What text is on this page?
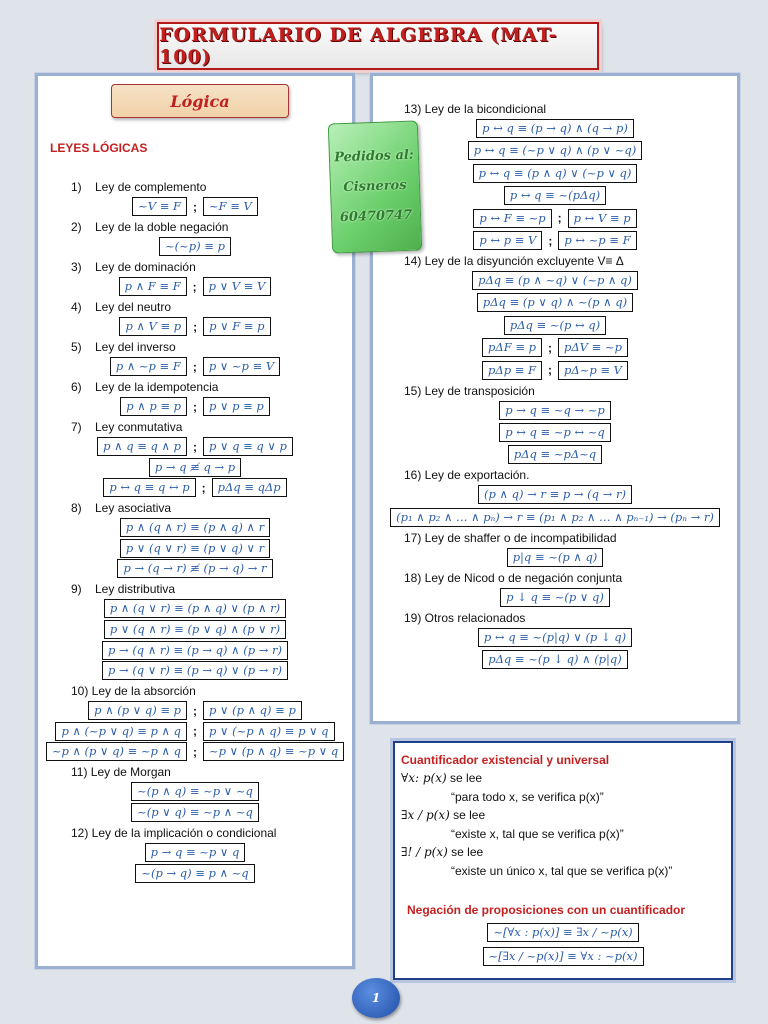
FORMULARIO DE ALGEBRA (MAT-100)
LEYES LÓGICAS
1)    Ley de complemento
~V ≡ F	;	~F ≡ V
2)    Ley de la doble negación
~(~p) ≡ p
3)    Ley de dominación
p ∧ F ≡ F	;	p ∨ V ≡ V
4)    Ley del neutro
p ∧ V ≡ p	;	p ∨ F ≡ p
5)    Ley del inverso
p ∧ ~p ≡ F	;	p ∨ ~p ≡ V
6)    Ley de la idempotencia
p ∧ p ≡ p	;	p ∨ p ≡ p
7)    Ley conmutativa
p ∧ q ≡ q ∧ p	;	p ∨ q ≡ q ∨ p
p → q ≢ q → p
p ↔ q ≡ q ↔ p	;	pΔq ≡ qΔp
8)    Ley asociativa
p ∧ (q ∧ r) ≡ (p ∧ q) ∧ r
p ∨ (q ∨ r) ≡ (p ∨ q) ∨ r
p → (q → r) ≢ (p → q) → r
9)    Ley distributiva
p ∧ (q ∨ r) ≡ (p ∧ q) ∨ (p ∧ r)
p ∨ (q ∧ r) ≡ (p ∨ q) ∧ (p ∨ r)
p → (q ∧ r) ≡ (p → q) ∧ (p → r)
p → (q ∨ r) ≡ (p → q) ∨ (p → r)
10) Ley de la absorción
p ∧ (p ∨ q) ≡ p	;	p ∨ (p ∧ q) ≡ p
p ∧ (~p ∨ q) ≡ p ∧ q	;	p ∨ (~p ∧ q) ≡ p ∨ q
~p ∧ (p ∨ q) ≡ ~p ∧ q	;	~p ∨ (p ∧ q) ≡ ~p ∨ q
11) Ley de Morgan
~(p ∧ q) ≡ ~p ∨ ~q
~(p ∨ q) ≡ ~p ∧ ~q
12) Ley de la implicación o condicional
p → q ≡ ~p ∨ q
~(p → q) ≡ p ∧ ~q
13) Ley de la bicondicional
p ↔ q ≡ (p → q) ∧ (q → p)
p ↔ q ≡ (~p ∨ q) ∧ (p ∨ ~q)
p ↔ q ≡ (p ∧ q) ∨ (~p ∨ q)
p ↔ q ≡ ~(pΔq)
p ↔ F ≡ ~p	;	p ↔ V ≡ p
p ↔ p ≡ V	;	p ↔ ~p ≡ F
14) Ley de la disyunción excluyente V≡ Δ
pΔq ≡ (p ∧ ~q) ∨ (~p ∧ q)
pΔq ≡ (p ∨ q) ∧ ~(p ∧ q)
pΔq ≡ ~(p ↔ q)
pΔF ≡ p	;	pΔV ≡ ~p
pΔp ≡ F	;	pΔ~p ≡ V
15) Ley de transposición
p → q ≡ ~q → ~p
p ↔ q ≡ ~p ↔ ~q
pΔq ≡ ~pΔ~q
16) Ley de exportación.
(p ∧ q) → r ≡ p → (q → r)
(p₁ ∧ p₂ ∧ … ∧ pₙ) → r ≡ (p₁ ∧ p₂ ∧ … ∧ pₙ₋₁) → (pₙ → r)
17) Ley de shaffer o de incompatibilidad
p|q ≡ ~(p ∧ q)
18) Ley de Nicod o de negación conjunta
p ↓ q ≡ ~(p ∨ q)
19) Otros relacionados
p ↔ q ≡ ~(p|q) ∨ (p ↓ q)
pΔq ≡ ~(p ↓ q) ∧ (p|q)
Cuantificador existencial y universal
∀x: p(x) se lee
“para todo x, se verifica p(x)”
∃x / p(x) se lee
“existe x, tal que se verifica p(x)”
∃! / p(x) se lee
“existe un único x, tal que se verifica p(x)”
Negación de proposiciones con un cuantificador
~[∀x : p(x)] ≡ ∃x / ~p(x)
~[∃x / ~p(x)] ≡ ∀x : ~p(x)
Lógica
Pedidos al:
Cisneros
60470747
1
